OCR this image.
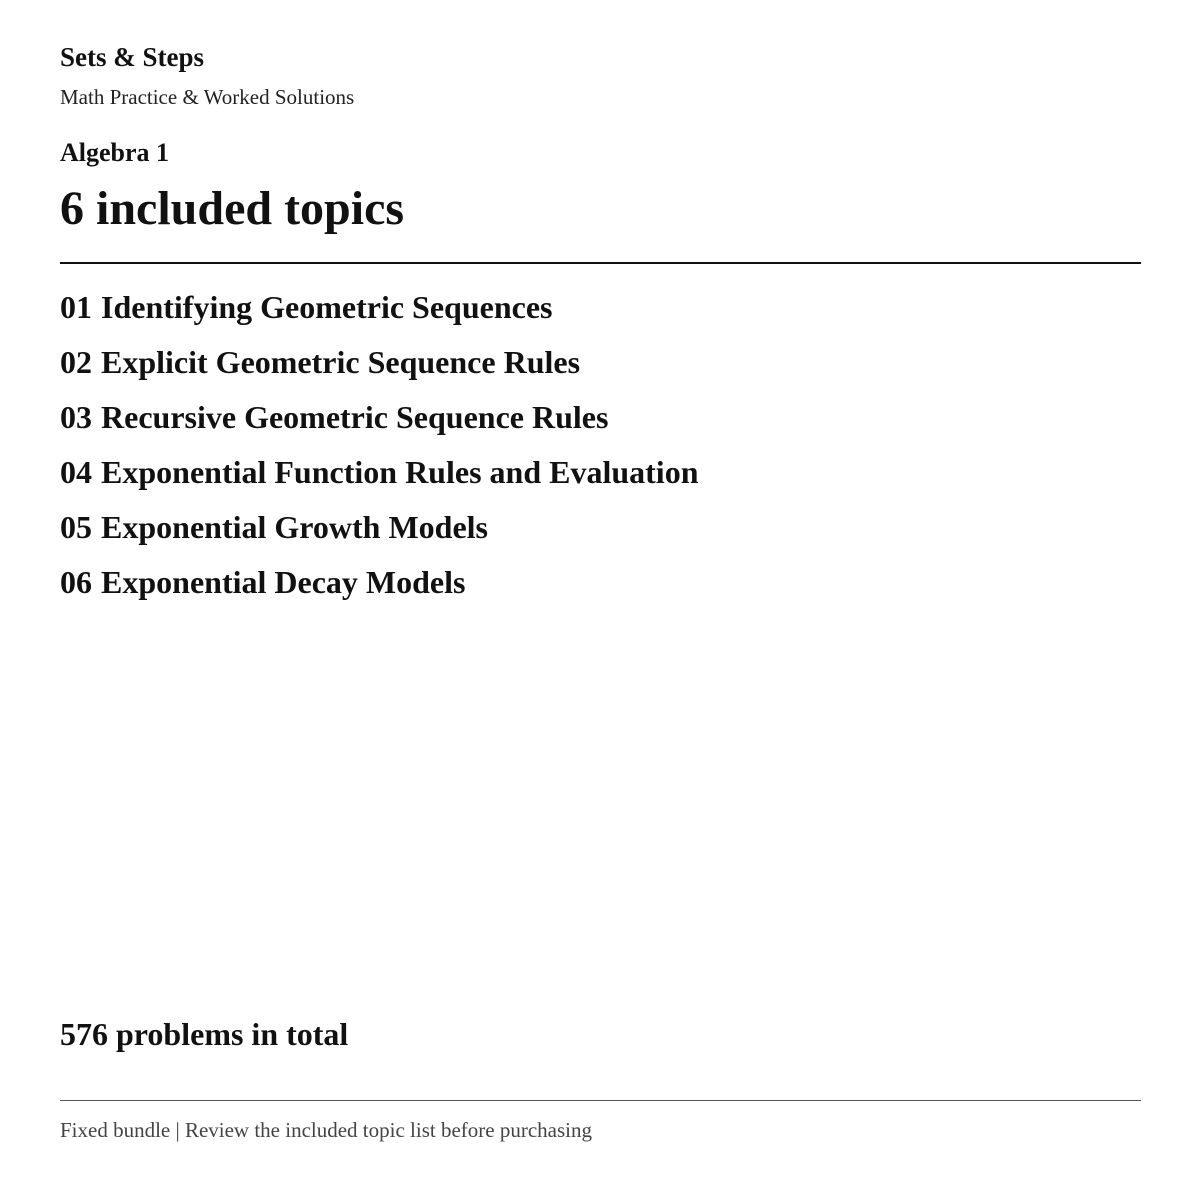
Sets & Steps
Math Practice & Worked Solutions
Algebra 1
6 included topics
01 Identifying Geometric Sequences
02 Explicit Geometric Sequence Rules
03 Recursive Geometric Sequence Rules
04 Exponential Function Rules and Evaluation
05 Exponential Growth Models
06 Exponential Decay Models
576 problems in total
Fixed bundle | Review the included topic list before purchasing
